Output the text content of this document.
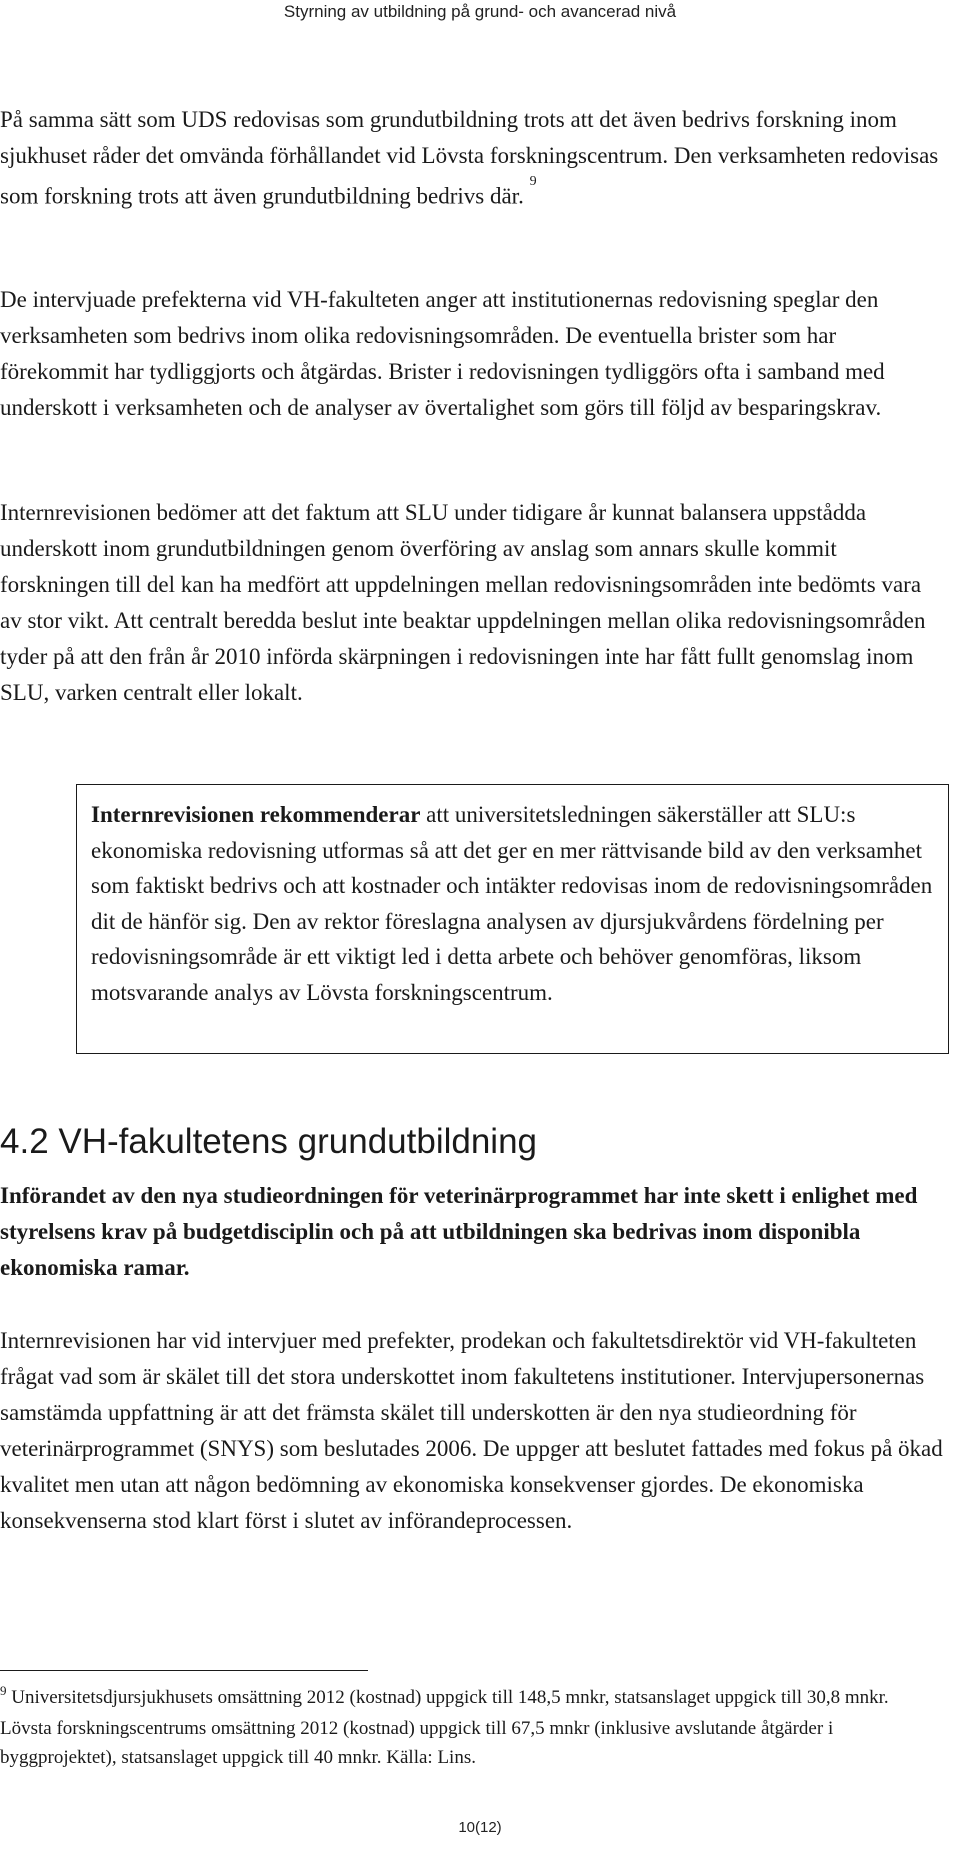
Styrning av utbildning på grund- och avancerad nivå

På samma sätt som UDS redovisas som grundutbildning trots att det även bedrivs forskning inom sjukhuset råder det omvända förhållandet vid Lövsta forskningscentrum. Den verksamheten redovisas som forskning trots att även grundutbildning bedrivs där. $^9$

De intervjuade prefekterna vid VH-fakulteten anger att institutionernas redovisning speglar den verksamheten som bedrivs inom olika redovisningsområden. De eventuella brister som har förekommit har tydliggjorts och åtgärdas. Brister i redovisningen tydliggörs ofta i samband med underskott i verksamheten och de analyser av övertalighet som görs till följd av besparingskrav.

Internrevisionen bedömer att det faktum att SLU under tidigare år kunnat balansera uppstådda underskott inom grundutbildningen genom överföring av anslag som annars skulle kommit forskningen till del kan ha medfört att uppdelningen mellan redovisningsområden inte bedömts vara av stor vikt. Att centralt beredda beslut inte beaktar uppdelningen mellan olika redovisningsområden tyder på att den från år 2010 införda skärpningen i redovisningen inte har fått fullt genomslag inom SLU, varken centralt eller lokalt.

Internrevisionen rekommenderar att universitetsledningen säkerställer att SLU:s ekonomiska redovisning utformas så att det ger en mer rättvisande bild av den verksamhet som faktiskt bedrivs och att kostnader och intäkter redovisas inom de redovisningsområden dit de hänför sig. Den av rektor föreslagna analysen av djursjukvårdens fördelning per redovisningsområde är ett viktigt led i detta arbete och behöver genomföras, liksom motsvarande analys av Lövsta forskningscentrum.
4.2 VH-fakultetens grundutbildning

Införandet av den nya studieordningen för veterinärprogrammet har inte skett i enlighet med styrelsens krav på budgetdisciplin och på att utbildningen ska bedrivas inom disponibla ekonomiska ramar.

Internrevisionen har vid intervjuer med prefekter, prodekan och fakultetsdirektör vid VH-fakulteten frågat vad som är skälet till det stora underskottet inom fakultetens institutioner. Intervjupersonernas samstämda uppfattning är att det främsta skälet till underskotten är den nya studieordning för veterinärprogrammet (SNYS) som beslutades 2006. De uppger att beslutet fattades med fokus på ökad kvalitet men utan att någon bedömning av ekonomiska konsekvenser gjordes. De ekonomiska konsekvenserna stod klart först i slutet av införandeprocessen.

$^9$ Universitetsdjursjukhusets omsättning 2012 (kostnad) uppgick till 148,5 mnkr, statsanslaget uppgick till 30,8 mnkr. Lövsta forskningscentrums omsättning 2012 (kostnad) uppgick till 67,5 mnkr (inklusive avslutande åtgärder i byggprojektet), statsanslaget uppgick till 40 mnkr. Källa: Lins.

10(12)
